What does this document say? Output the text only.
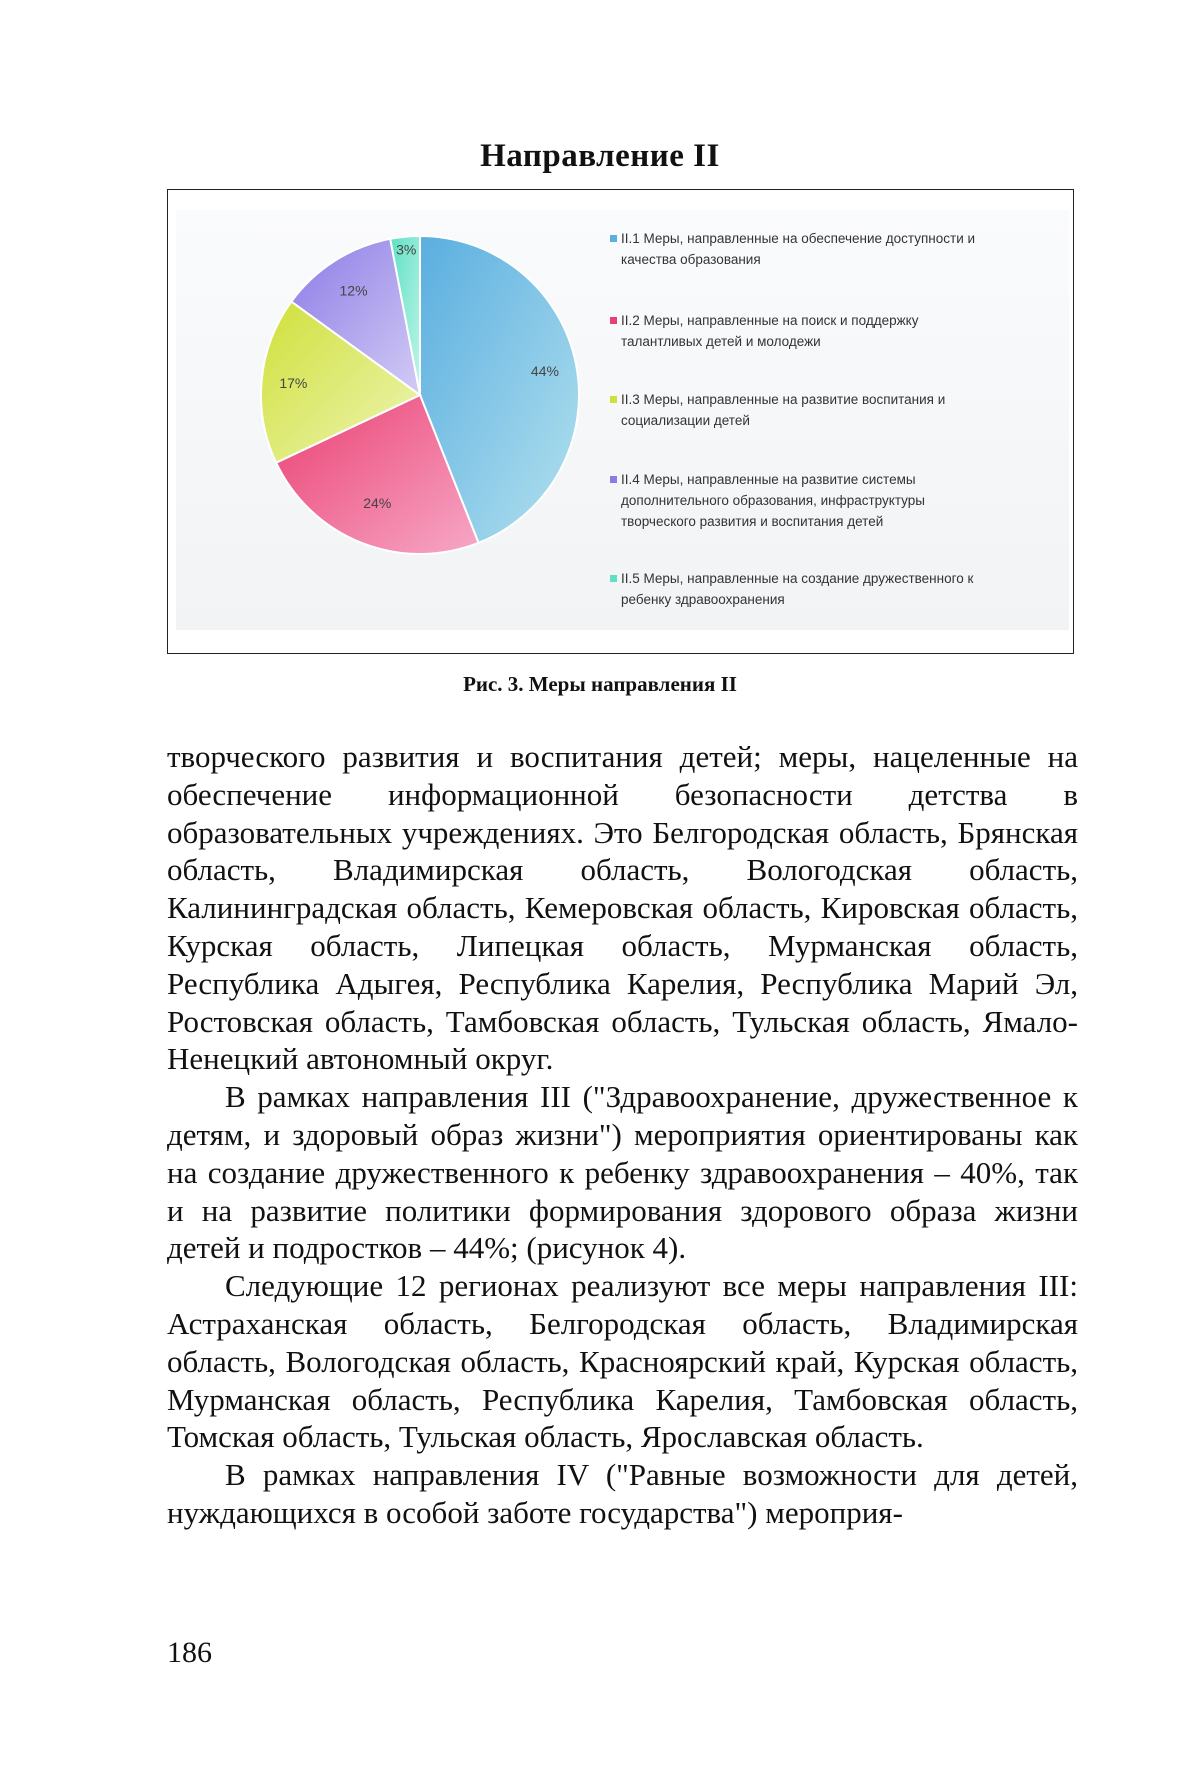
Направление II
44%
24%
17%
12%
3%
II.1 Меры, направленные на обеспечение доступности и
качества образования
II.2 Меры, направленные на поиск и поддержку
талантливых детей и молодежи
II.3 Меры, направленные на развитие воспитания и
социализации детей
II.4 Меры, направленные на развитие системы
дополнительного образования, инфраструктуры
творческого развития и воспитания детей
II.5 Меры, направленные на создание дружественного к
ребенку здравоохранения
Рис. 3. Меры направления II

творческого развития и воспитания детей; меры, нацеленные на обеспечение информационной безопасности детства в образовательных учреждениях. Это Белгородская область, Брянская область, Владимирская область, Вологодская область, Калининградская область, Кемеровская область, Кировская область, Курская область, Липецкая область, Мурманская область, Республика Адыгея, Республика Карелия, Республика Марий Эл, Ростовская область, Тамбовская область, Тульская область, Ямало-Ненецкий автономный округ.

В рамках направления III ("Здравоохранение, дружественное к детям, и здоровый образ жизни") мероприятия ориентированы как на создание дружественного к ребенку здравоохранения – 40%, так и на развитие политики формирования здорового образа жизни детей и подростков – 44%; (рисунок 4).

Следующие 12 регионах реализуют все меры направления III: Астраханская область, Белгородская область, Владимирская область, Вологодская область, Красноярский край, Курская область, Мурманская область, Республика Карелия, Тамбовская область, Томская область, Тульская область, Ярославская область.

В рамках направления IV ("Равные возможности для детей, нуждающихся в особой заботе государства") мероприя-

186
